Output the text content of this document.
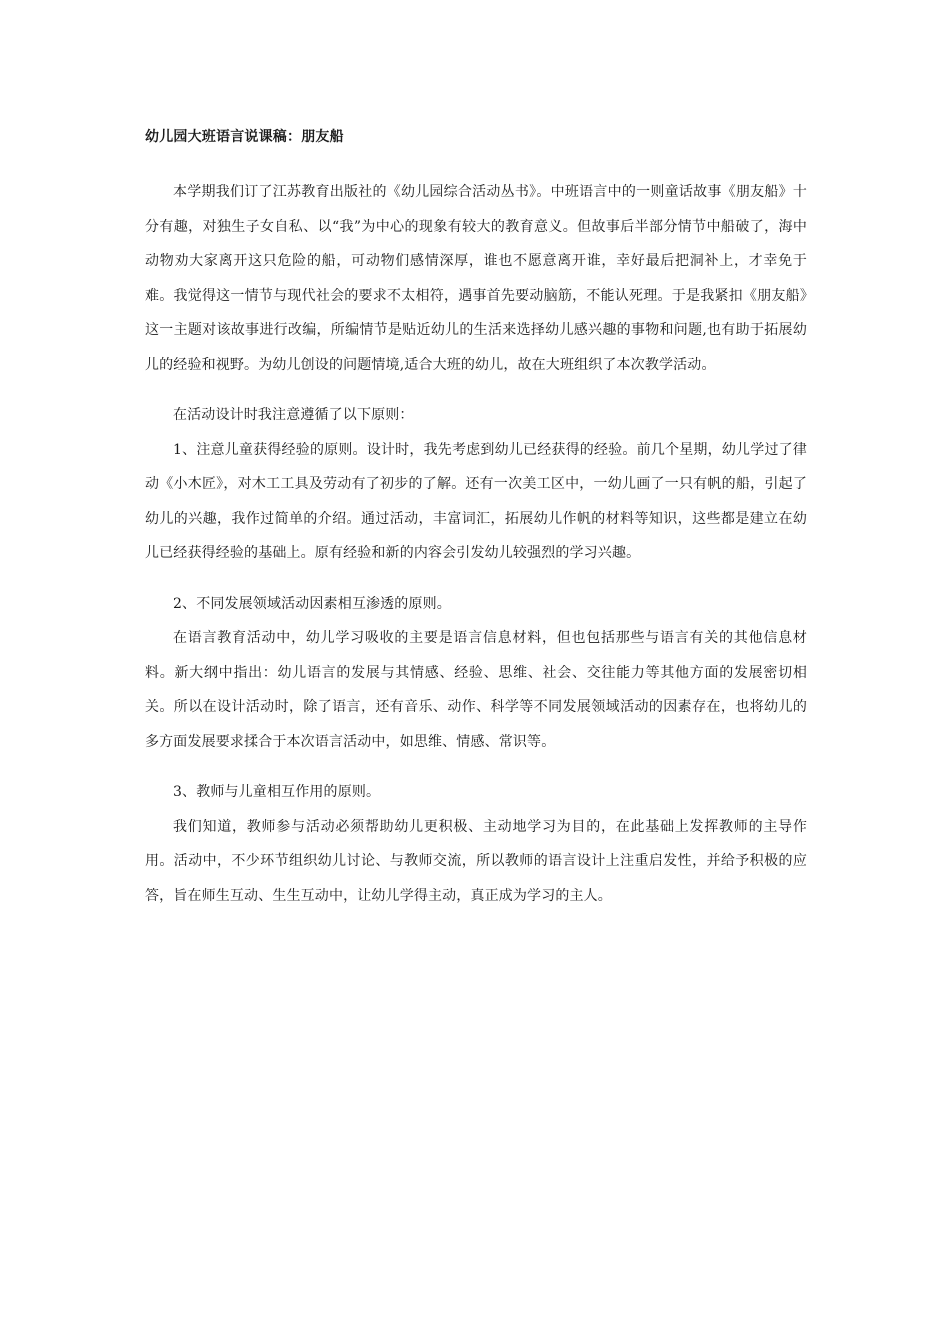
幼儿园大班语言说课稿：朋友船

本学期我们订了江苏教育出版社的《幼儿园综合活动丛书》。中班语言中的一则童话故事《朋友船》十分有趣，对独生子女自私、以“我”为中心的现象有较大的教育意义。但故事后半部分情节中船破了，海中动物劝大家离开这只危险的船，可动物们感情深厚，谁也不愿意离开谁，幸好最后把洞补上，才幸免于难。我觉得这一情节与现代社会的要求不太相符，遇事首先要动脑筋，不能认死理。于是我紧扣《朋友船》这一主题对该故事进行改编，所编情节是贴近幼儿的生活来选择幼儿感兴趣的事物和问题,也有助于拓展幼儿的经验和视野。为幼儿创设的问题情境,适合大班的幼儿，故在大班组织了本次教学活动。

在活动设计时我注意遵循了以下原则：

1、注意儿童获得经验的原则。设计时，我先考虑到幼儿已经获得的经验。前几个星期，幼儿学过了律动《小木匠》，对木工工具及劳动有了初步的了解。还有一次美工区中，一幼儿画了一只有帆的船，引起了幼儿的兴趣，我作过简单的介绍。通过活动，丰富词汇，拓展幼儿作帆的材料等知识，这些都是建立在幼儿已经获得经验的基础上。原有经验和新的内容会引发幼儿较强烈的学习兴趣。

2、不同发展领域活动因素相互渗透的原则。

在语言教育活动中，幼儿学习吸收的主要是语言信息材料，但也包括那些与语言有关的其他信息材料。新大纲中指出：幼儿语言的发展与其情感、经验、思维、社会、交往能力等其他方面的发展密切相关。所以在设计活动时，除了语言，还有音乐、动作、科学等不同发展领域活动的因素存在，也将幼儿的多方面发展要求揉合于本次语言活动中，如思维、情感、常识等。

3、教师与儿童相互作用的原则。

我们知道，教师参与活动必须帮助幼儿更积极、主动地学习为目的，在此基础上发挥教师的主导作用。活动中，不少环节组织幼儿讨论、与教师交流，所以教师的语言设计上注重启发性，并给予积极的应答，旨在师生互动、生生互动中，让幼儿学得主动，真正成为学习的主人。
